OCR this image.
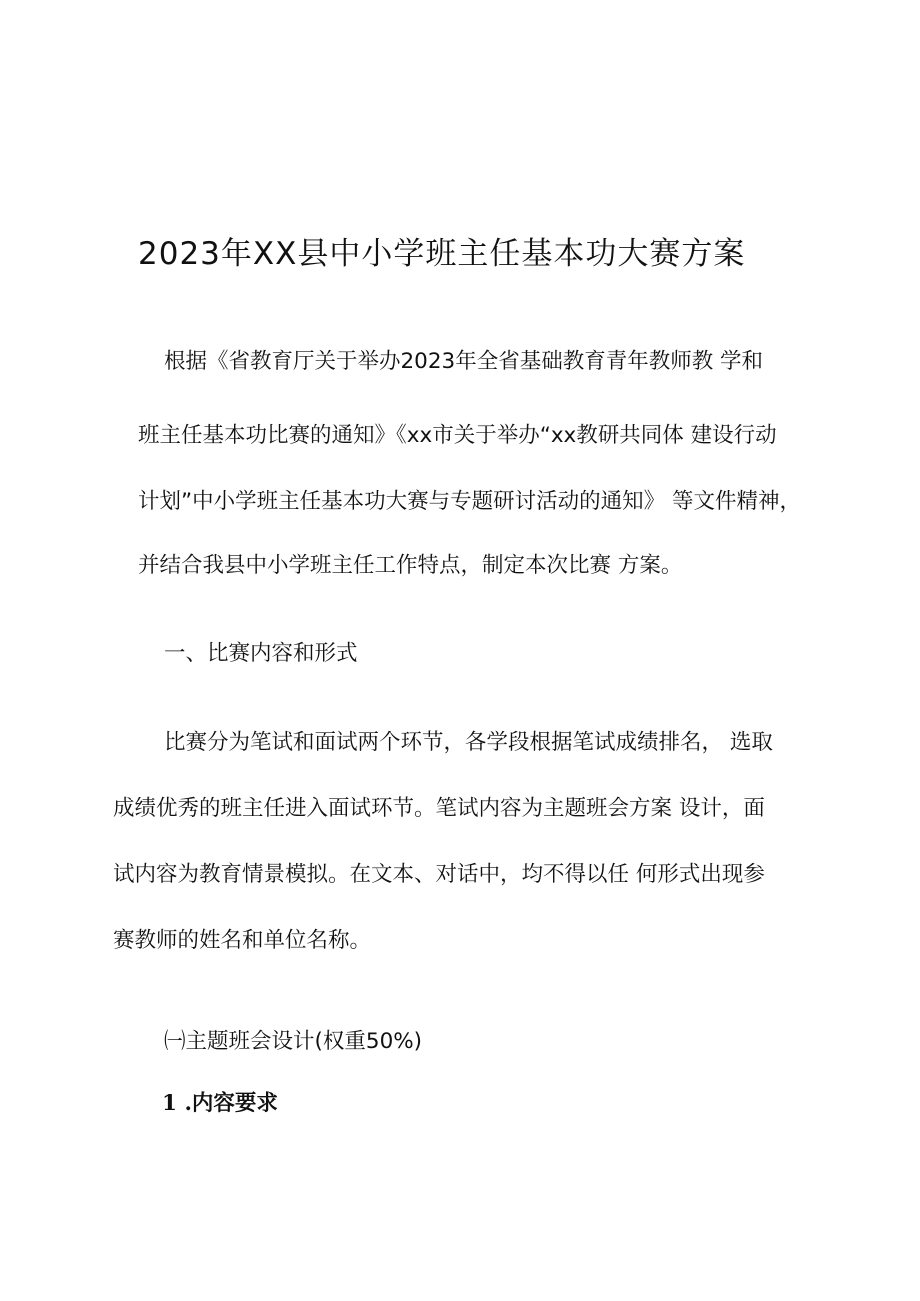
2023年XX县中小学班主任基本功大赛方案
根据《省教育厅关于举办2023年全省基础教育青年教师教 学和
班主任基本功比赛的通知》《xx市关于举办“xx教研共同体 建设行动
计划”中小学班主任基本功大赛与专题研讨活动的通知》 等文件精神，
并结合我县中小学班主任工作特点，制定本次比赛 方案。
一、比赛内容和形式
比赛分为笔试和面试两个环节，各学段根据笔试成绩排名， 选取
成绩优秀的班主任进入面试环节。笔试内容为主题班会方案 设计，面
试内容为教育情景模拟。在文本、对话中，均不得以任 何形式出现参
赛教师的姓名和单位名称。
㈠主题班会设计(权重50%)
1 .内容要求
